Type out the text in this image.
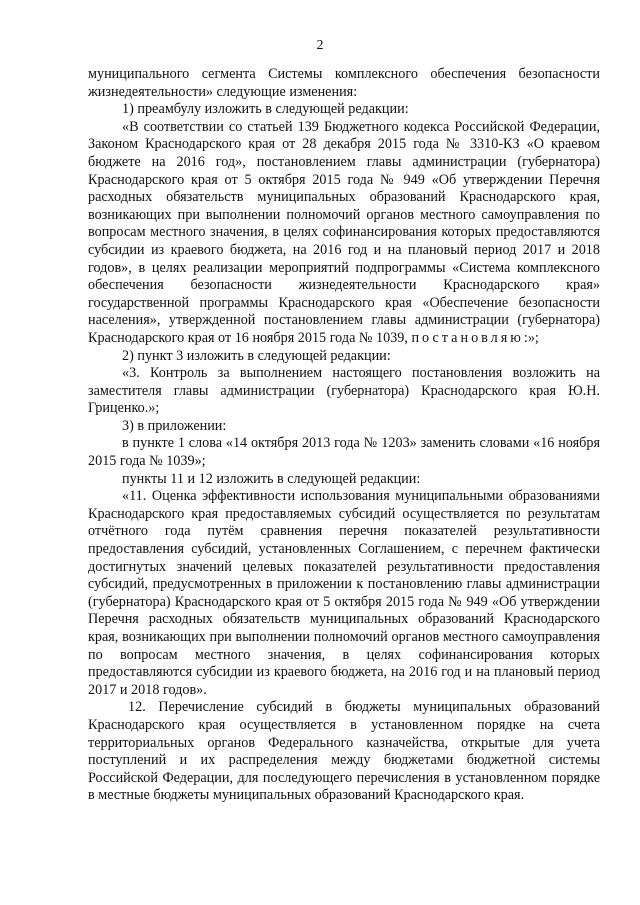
2

муниципального сегмента Системы комплексного обеспечения безопасности жизнедеятельности» следующие изменения:

1) преамбулу изложить в следующей редакции:

«В соответствии со статьей 139 Бюджетного кодекса Российской Федерации, Законом Краснодарского края от 28 декабря 2015 года № 3310-КЗ «О краевом бюджете на 2016 год», постановлением главы администрации (губернатора) Краснодарского края от 5 октября 2015 года № 949 «Об утверждении Перечня расходных обязательств муниципальных образований Краснодарского края, возникающих при выполнении полномочий органов местного самоуправления по вопросам местного значения, в целях софинансирования которых предоставляются субсидии из краевого бюджета, на 2016 год и на плановый период 2017 и 2018 годов», в целях реализации мероприятий подпрограммы «Система комплексного обеспечения безопасности жизнедеятельности Краснодарского края» государственной программы Краснодарского края «Обеспечение безопасности населения», утвержденной постановлением главы администрации (губернатора) Краснодарского края от 16 ноября 2015 года № 1039, постановляю:»;

2) пункт 3 изложить в следующей редакции:

«3. Контроль за выполнением настоящего постановления возложить на заместителя главы администрации (губернатора) Краснодарского края Ю.Н. Гриценко.»;

3) в приложении:

в пункте 1 слова «14 октября 2013 года № 1203» заменить словами «16 ноября 2015 года № 1039»;

пункты 11 и 12 изложить в следующей редакции:

«11. Оценка эффективности использования муниципальными образованиями Краснодарского края предоставляемых субсидий осуществляется по результатам отчётного года путём сравнения перечня показателей результативности предоставления субсидий, установленных Соглашением, с перечнем фактически достигнутых значений целевых показателей результативности предоставления субсидий, предусмотренных в приложении к постановлению главы администрации (губернатора) Краснодарского края от 5 октября 2015 года № 949 «Об утверждении Перечня расходных обязательств муниципальных образований Краснодарского края, возникающих при выполнении полномочий органов местного самоуправления по вопросам местного значения, в целях софинансирования которых предоставляются субсидии из краевого бюджета, на 2016 год и на плановый период 2017 и 2018 годов».

12. Перечисление субсидий в бюджеты муниципальных образований Краснодарского края осуществляется в установленном порядке на счета территориальных органов Федерального казначейства, открытые для учета поступлений и их распределения между бюджетами бюджетной системы Российской Федерации, для последующего перечисления в установленном порядке в местные бюджеты муниципальных образований Краснодарского края.
